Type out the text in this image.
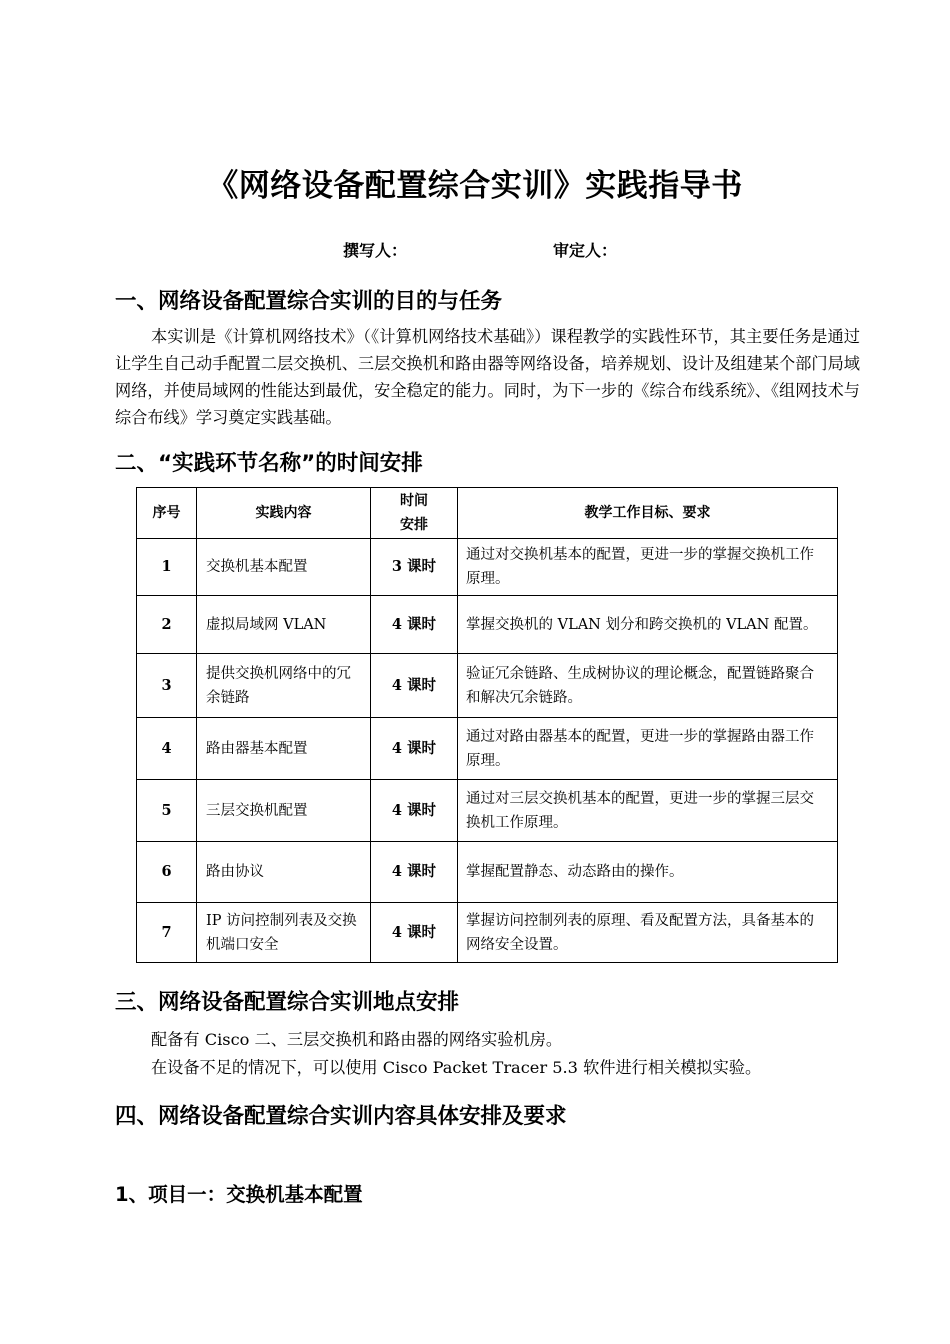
《网络设备配置综合实训》实践指导书
撰写人：	审定人：
一、网络设备配置综合实训的目的与任务
本实训是《计算机网络技术》（《计算机网络技术基础》）课程教学的实践性环节，其主要任务是通过让学生自己动手配置二层交换机、三层交换机和路由器等网络设备，培养规划、设计及组建某个部门局域网络，并使局域网的性能达到最优，安全稳定的能力。同时，为下一步的《综合布线系统》、《组网技术与综合布线》学习奠定实践基础。
二、“实践环节名称”的时间安排
序号	实践内容	时间安排	教学工作目标、要求
1	交换机基本配置	3 课时	通过对交换机基本的配置，更进一步的掌握交换机工作原理。
2	虚拟局域网 VLAN	4 课时	掌握交换机的 VLAN 划分和跨交换机的 VLAN 配置。
3	提供交换机网络中的冗余链路	4 课时	验证冗余链路、生成树协议的理论概念，配置链路聚合和解决冗余链路。
4	路由器基本配置	4 课时	通过对路由器基本的配置，更进一步的掌握路由器工作原理。
5	三层交换机配置	4 课时	通过对三层交换机基本的配置，更进一步的掌握三层交换机工作原理。
6	路由协议	4 课时	掌握配置静态、动态路由的操作。
7	IP 访问控制列表及交换机端口安全	4 课时	掌握访问控制列表的原理、看及配置方法，具备基本的网络安全设置。
三、网络设备配置综合实训地点安排
配备有 Cisco 二、三层交换机和路由器的网络实验机房。
在设备不足的情况下，可以使用 Cisco Packet Tracer 5.3 软件进行相关模拟实验。
四、网络设备配置综合实训内容具体安排及要求
1、项目一：交换机基本配置
